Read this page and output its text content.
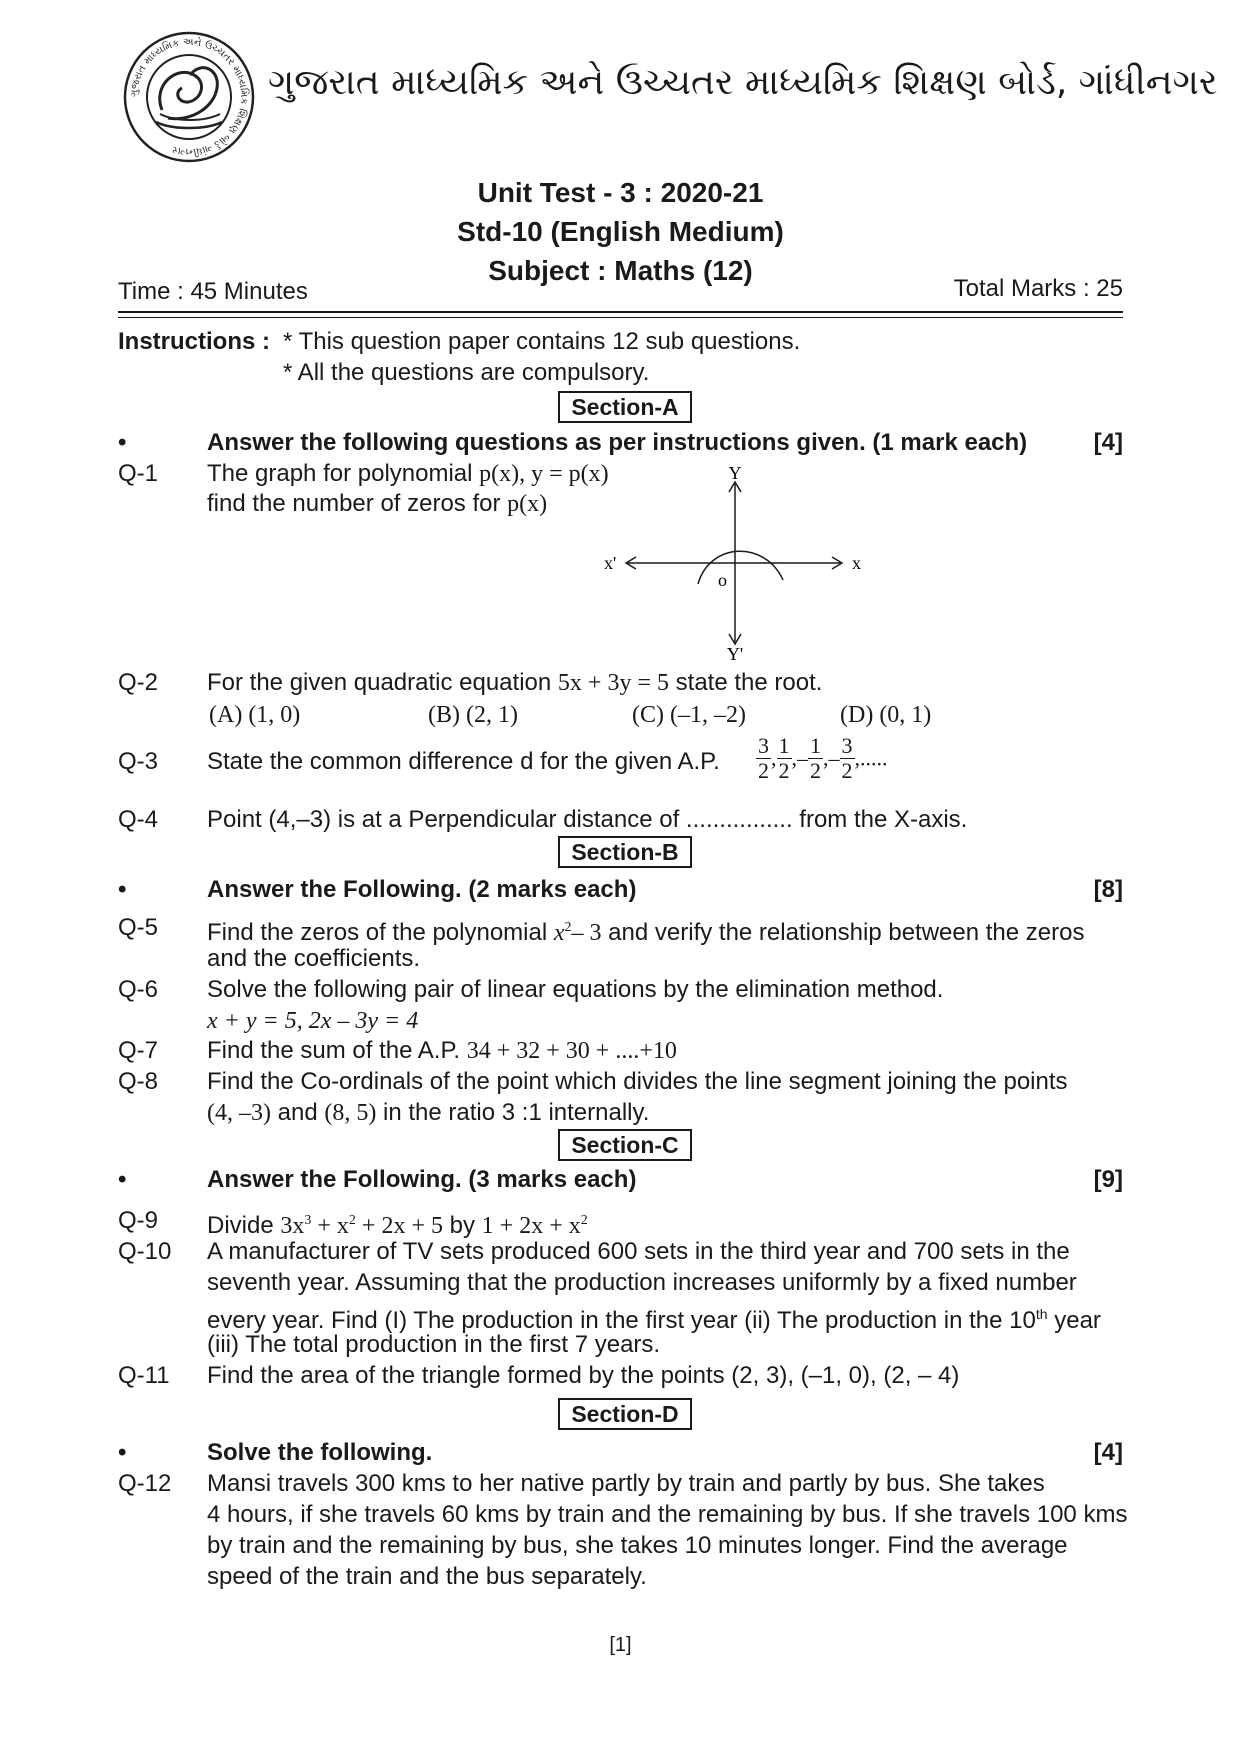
ગુજરાત માધ્યમિક અને ઉચ્ચતર માધ્યમિક શિક્ષણ બોર્ડ ગાંધીનગર
ગુજરાત માધ્યમિક અને ઉચ્ચતર માધ્યમિક શિક્ષણ બોર્ડ, ગાંધીનગર
Unit Test - 3 : 2020-21
Std-10 (English Medium)
Subject : Maths (12)
Time : 45 Minutes	Total Marks : 25
Instructions : * This question paper contains 12 sub questions.
* All the questions are compulsory.
Section-A
•	Answer the following questions as per instructions given. (1 mark each)	[4]
Q-1 The graph for polynomial p(x), y = p(x)
find the number of zeros for p(x)
Y
Y'
x
x'
o
Q-2 For the given quadratic equation 5x + 3y = 5 state the root.
(A) (1, 0)	(B) (2, 1)	(C) (–1, –2)	(D) (0, 1)
Q-3 State the common difference d for the given A.P. $\frac{3}{2}$ , $\frac{1}{2}$ ,– $\frac{1}{2}$ ,– $\frac{3}{2}$ ,.....
Q-4 Point (4,–3) is at a Perpendicular distance of ................ from the X-axis.
Section-B
•	Answer the Following. (2 marks each)	[8]
Q-5 Find the zeros of the polynomial $x^2-$ 3 and verify the relationship between the zeros
and the coefficients.
Q-6 Solve the following pair of linear equations by the elimination method.
x + y = 5, 2x – 3y = 4
Q-7 Find the sum of the A.P. 34 + 32 + 30 + ....+10
Q-8 Find the Co-ordinals of the point which divides the line segment joining the points
(4, –3) and (8, 5) in the ratio 3 :1 internally.
Section-C
•	Answer the Following. (3 marks each)	[9]
Q-9 Divide $3x^3 + x^2 + 2x + 5$ by $1 + 2x + x^2$
Q-10 A manufacturer of TV sets produced 600 sets in the third year and 700 sets in the
seventh year. Assuming that the production increases uniformly by a fixed number
every year. Find (I) The production in the first year (ii) The production in the 10th year
(iii) The total production in the first 7 years.
Q-11 Find the area of the triangle formed by the points (2, 3), (–1, 0), (2, – 4)
Section-D
•	Solve the following.	[4]
Q-12 Mansi travels 300 kms to her native partly by train and partly by bus. She takes
4 hours, if she travels 60 kms by train and the remaining by bus. If she travels 100 kms
by train and the remaining by bus, she takes 10 minutes longer. Find the average
speed of the train and the bus separately.
[1]
